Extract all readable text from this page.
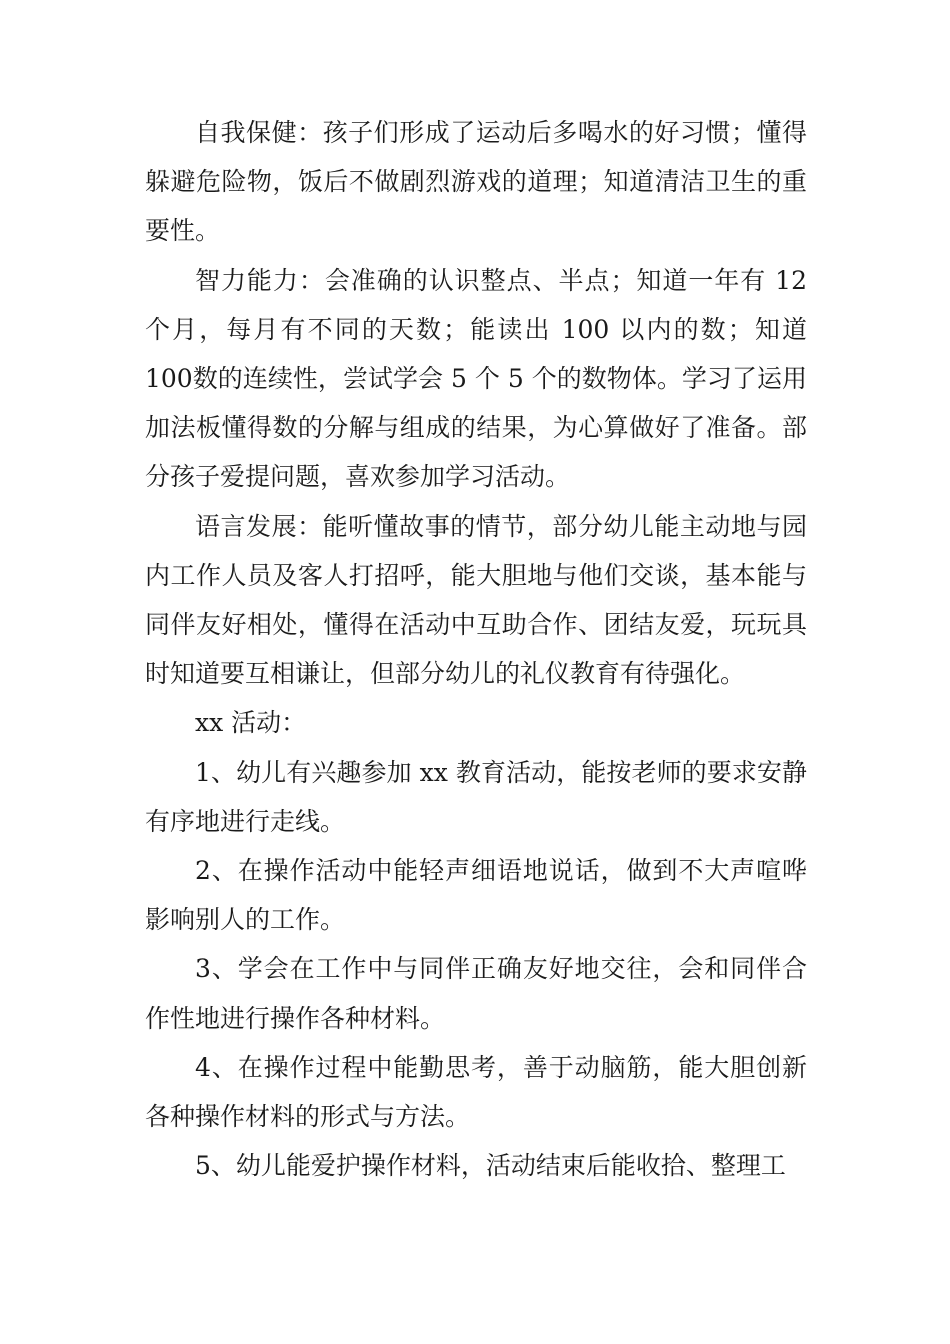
自我保健：孩子们形成了运动后多喝水的好习惯；懂得躲避危险物，饭后不做剧烈游戏的道理；知道清洁卫生的重要性。

智力能力：会准确的认识整点、半点；知道一年有 12个月，每月有不同的天数；能读出 100 以内的数；知道 100数的连续性，尝试学会 5 个 5 个的数物体。学习了运用加法板懂得数的分解与组成的结果，为心算做好了准备。部分孩子爱提问题，喜欢参加学习活动。

语言发展：能听懂故事的情节，部分幼儿能主动地与园内工作人员及客人打招呼，能大胆地与他们交谈，基本能与同伴友好相处，懂得在活动中互助合作、团结友爱，玩玩具时知道要互相谦让，但部分幼儿的礼仪教育有待强化。

xx 活动：

1、幼儿有兴趣参加 xx 教育活动，能按老师的要求安静有序地进行走线。

2、在操作活动中能轻声细语地说话，做到不大声喧哗影响别人的工作。

3、学会在工作中与同伴正确友好地交往，会和同伴合作性地进行操作各种材料。

4、在操作过程中能勤思考，善于动脑筋，能大胆创新各种操作材料的形式与方法。

5、幼儿能爱护操作材料，活动结束后能收拾、整理工
